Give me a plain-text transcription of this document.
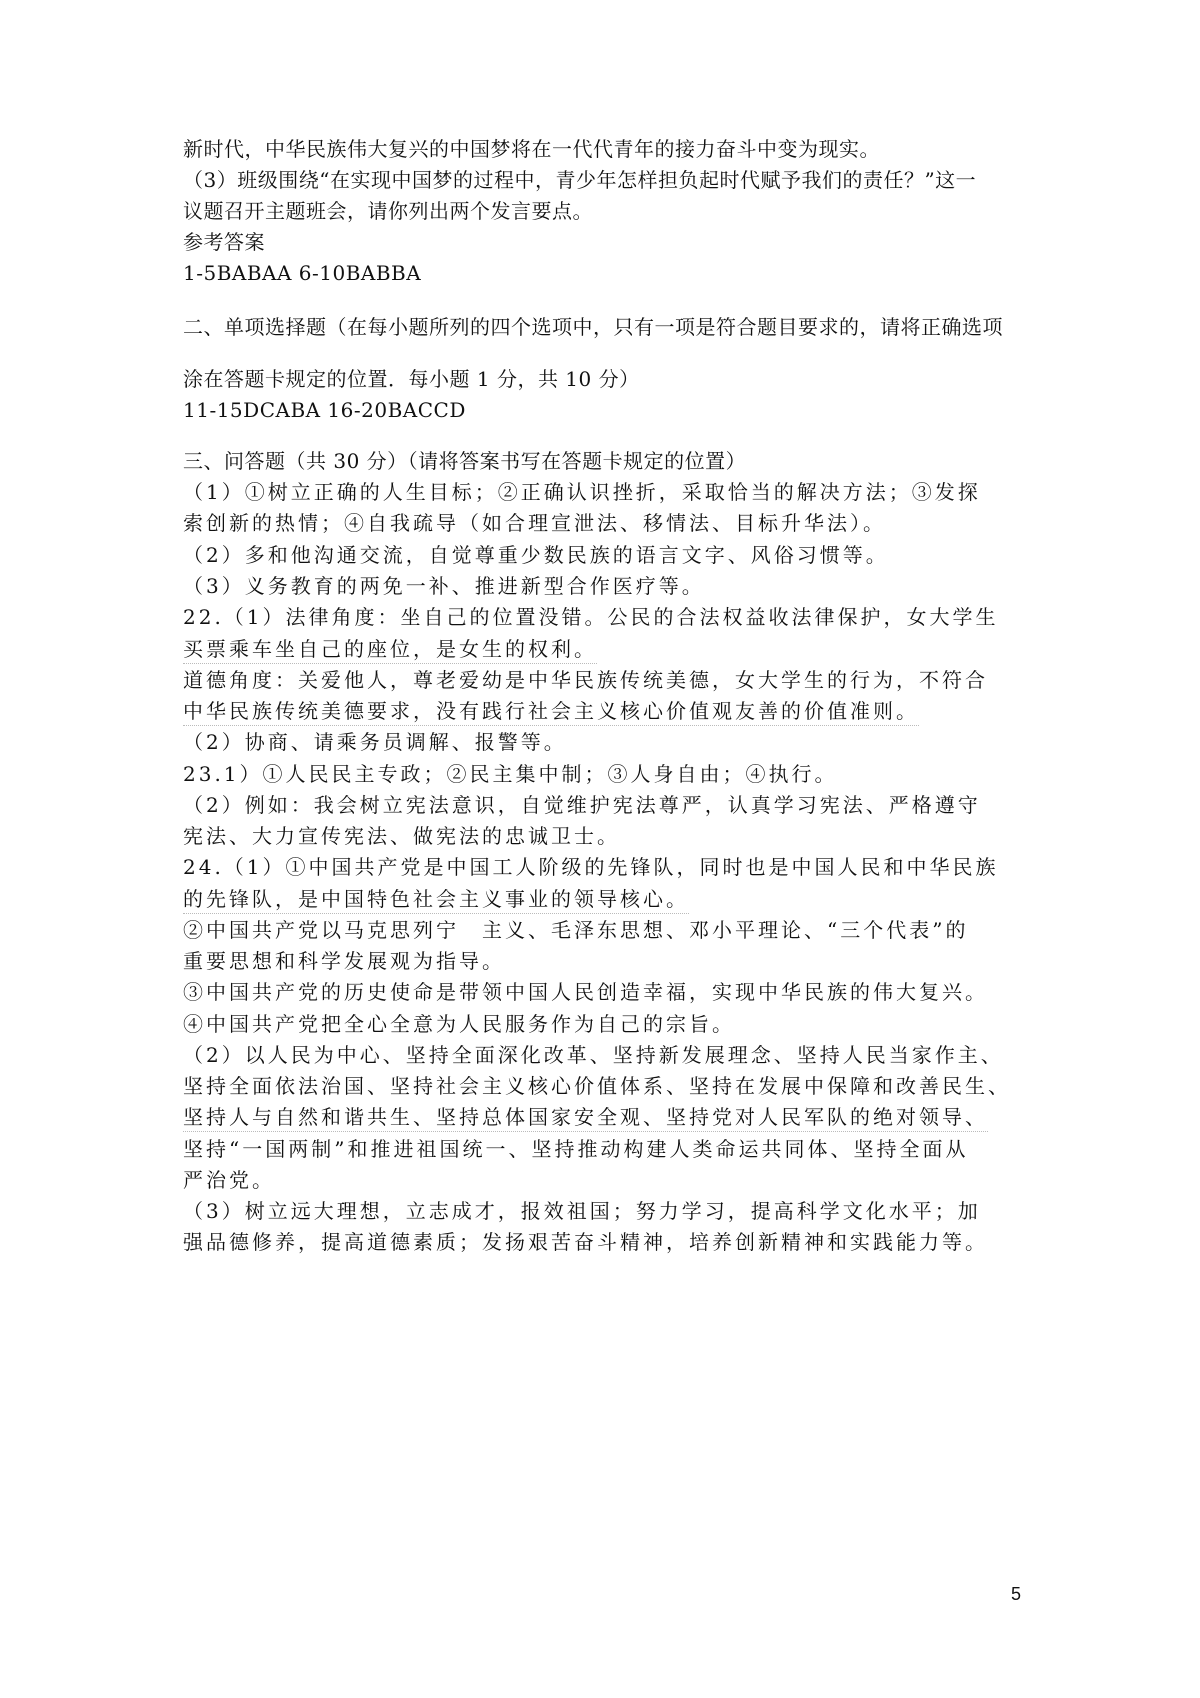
新时代，中华民族伟大复兴的中国梦将在一代代青年的接力奋斗中变为现实。
（3）班级围绕“在实现中国梦的过程中，青少年怎样担负起时代赋予我们的责任？”这一
议题召开主题班会，请你列出两个发言要点。
参考答案
1-5BABAA 6-10BABBA
二、单项选择题（在每小题所列的四个选项中，只有一项是符合题目要求的，请将正确选项
涂在答题卡规定的位置．每小题 1 分，共 10 分）
11-15DCABA 16-20BACCD
三、问答题（共 30 分）（请将答案书写在答题卡规定的位置）
（1）①树立正确的人生目标；②正确认识挫折，采取恰当的解决方法；③发探
索创新的热情；④自我疏导（如合理宣泄法、移情法、目标升华法）。
（2）多和他沟通交流，自觉尊重少数民族的语言文字、风俗习惯等。
（3）义务教育的两免一补、推进新型合作医疗等。
22.（1）法律角度：坐自己的位置没错。公民的合法权益收法律保护，女大学生
买票乘车坐自己的座位，是女生的权利。
道德角度：关爱他人，尊老爱幼是中华民族传统美德，女大学生的行为，不符合
中华民族传统美德要求，没有践行社会主义核心价值观友善的价值准则。
（2）协商、请乘务员调解、报警等。
23.1）①人民民主专政；②民主集中制；③人身自由；④执行。
（2）例如：我会树立宪法意识，自觉维护宪法尊严，认真学习宪法、严格遵守
宪法、大力宣传宪法、做宪法的忠诚卫士。
24.（1）①中国共产党是中国工人阶级的先锋队，同时也是中国人民和中华民族
的先锋队，是中国特色社会主义事业的领导核心。
②中国共产党以马克思列宁　主义、毛泽东思想、邓小平理论、“三个代表”的
重要思想和科学发展观为指导。
③中国共产党的历史使命是带领中国人民创造幸福，实现中华民族的伟大复兴。
④中国共产党把全心全意为人民服务作为自己的宗旨。
（2）以人民为中心、坚持全面深化改革、坚持新发展理念、坚持人民当家作主、
坚持全面依法治国、坚持社会主义核心价值体系、坚持在发展中保障和改善民生、
坚持人与自然和谐共生、坚持总体国家安全观、坚持党对人民军队的绝对领导、
坚持“一国两制”和推进祖国统一、坚持推动构建人类命运共同体、坚持全面从
严治党。
（3）树立远大理想，立志成才，报效祖国；努力学习，提高科学文化水平；加
强品德修养，提高道德素质；发扬艰苦奋斗精神，培养创新精神和实践能力等。
5
